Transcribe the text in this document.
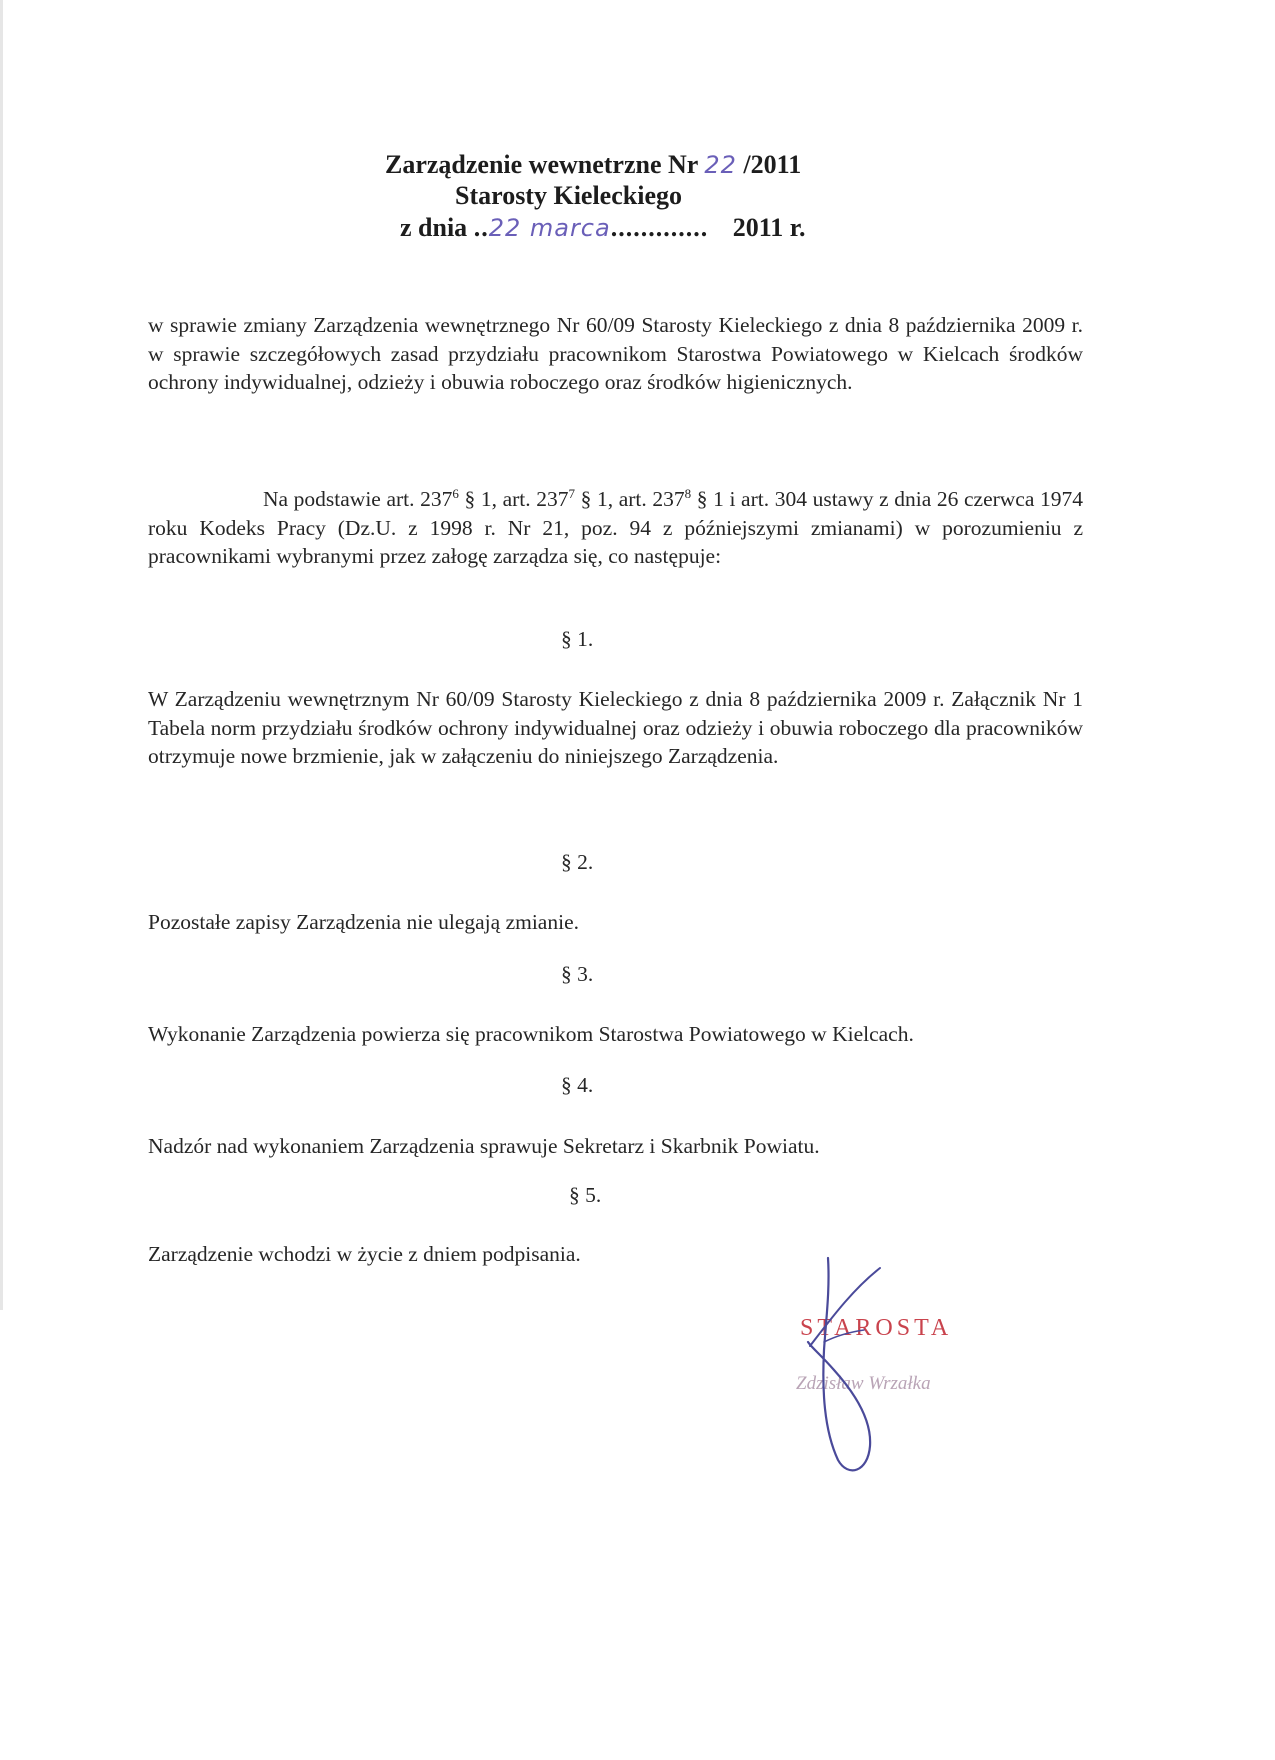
Zarządzenie wewnetrzne Nr 22 /2011
Starosty Kieleckiego
z dnia ..22 marca............. 2011 r.
w sprawie zmiany Zarządzenia wewnętrznego Nr 60/09 Starosty Kieleckiego z dnia 8 października 2009 r. w sprawie szczegółowych zasad przydziału pracownikom Starostwa Powiatowego w Kielcach środków ochrony indywidualnej, odzieży i obuwia roboczego oraz środków higienicznych.
Na podstawie art. $237^6$ § 1, art. $237^7$ § 1, art. $237^8$ § 1 i art. 304 ustawy z dnia 26 czerwca 1974 roku Kodeks Pracy (Dz.U. z 1998 r. Nr 21, poz. 94 z późniejszymi zmianami) w porozumieniu z pracownikami wybranymi przez załogę zarządza się, co następuje:
§ 1.
W Zarządzeniu wewnętrznym Nr 60/09 Starosty Kieleckiego z dnia 8 października 2009 r. Załącznik Nr 1 Tabela norm przydziału środków ochrony indywidualnej oraz odzieży i obuwia roboczego dla pracowników otrzymuje nowe brzmienie, jak w załączeniu do niniejszego Zarządzenia.
§ 2.
Pozostałe zapisy Zarządzenia nie ulegają zmianie.
§ 3.
Wykonanie Zarządzenia powierza się pracownikom Starostwa Powiatowego w Kielcach.
§ 4.
Nadzór nad wykonaniem Zarządzenia sprawuje Sekretarz i Skarbnik Powiatu.
§ 5.
Zarządzenie wchodzi w życie z dniem podpisania.
STAROSTA
Zdzisław Wrzałka
